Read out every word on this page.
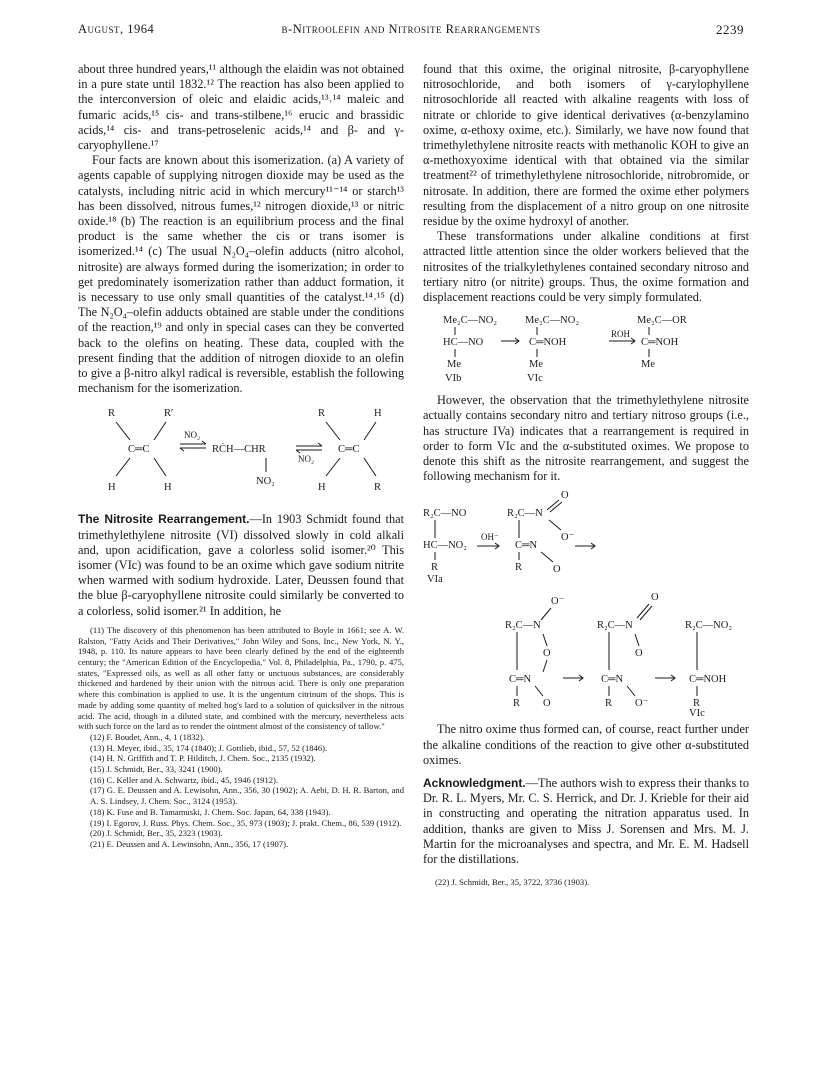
August, 1964	β-Nitroolefin and Nitrosite Rearrangements	2239

about three hundred years,¹¹ although the elaidin was not obtained in a pure state until 1832.¹² The reaction has also been applied to the interconversion of oleic and elaidic acids,¹³˒¹⁴ maleic and fumaric acids,¹⁵ cis- and trans-stilbene,¹⁶ erucic and brassidic acids,¹⁴ cis- and trans-petroselenic acids,¹⁴ and β- and γ-caryophyllene.¹⁷

Four facts are known about this isomerization. (a) A variety of agents capable of supplying nitrogen dioxide may be used as the catalysts, including nitric acid in which mercury¹¹⁻¹⁴ or starch¹³ has been dissolved, nitrous fumes,¹² nitrogen dioxide,¹³ or nitric oxide.¹⁸ (b) The reaction is an equilibrium process and the final product is the same whether the cis or trans isomer is isomerized.¹⁴ (c) The usual N₂O₄–olefin adducts (nitro alcohol, nitrosite) are always formed during the isomerization; in order to get predominately isomerization rather than adduct formation, it is necessary to use only small quantities of the catalyst.¹⁴˒¹⁵ (d) The N₂O₄–olefin adducts obtained are stable under the conditions of the reaction,¹⁹ and only in special cases can they be converted back to the olefins on heating. These data, coupled with the present finding that the addition of nitrogen dioxide to an olefin to give a β-nitro alkyl radical is reversible, establish the following mechanism for the isomerization.

R	R′
C═C
H	H
NO₂
RĊH—CHR
NO₂
NO₂
R	H
C═C
H	R

The Nitrosite Rearrangement.—In 1903 Schmidt found that trimethylethylene nitrosite (VI) dissolved slowly in cold alkali and, upon acidification, gave a colorless solid isomer.²⁰ This isomer (VIc) was found to be an oxime which gave sodium nitrite when warmed with sodium hydroxide. Later, Deussen found that the blue β-caryophyllene nitrosite could similarly be converted to a colorless, solid isomer.²¹ In addition, he

(11) The discovery of this phenomenon has been attributed to Boyle in 1661; see A. W. Ralston, "Fatty Acids and Their Derivatives," John Wiley and Sons, Inc., New York, N. Y., 1948, p. 110. Its nature appears to have been clearly defined by the end of the eighteenth century; the "American Edition of the Encyclopedia," Vol. 8, Philadelphia, Pa., 1790, p. 475, states, "Expressed oils, as well as all other fatty or unctuous substances, are considerably thickened and hardened by their union with the nitrous acid. There is only one preparation where this combination is applied to use. It is the ungentum citrinum of the shops. This is made by adding some quantity of melted hog's lard to a solution of quicksilver in the nitrous acid. The acid, though in a diluted state, and combined with the mercury, nevertheless acts with such force on the lard as to render the ointment almost of the consistency of tallow."

(12) F. Boudet, Ann., 4, 1 (1832).

(13) H. Meyer, ibid., 35, 174 (1840); J. Gottlieb, ibid., 57, 52 (1846).

(14) H. N. Griffith and T. P. Hilditch, J. Chem. Soc., 2135 (1932).

(15) J. Schmidt, Ber., 33, 3241 (1900).

(16) C. Keller and A. Schwartz, ibid., 45, 1946 (1912).

(17) G. E. Deussen and A. Lewisohn, Ann., 356, 30 (1902); A. Aebi, D. H. R. Barton, and A. S. Lindsey, J. Chem. Soc., 3124 (1953).

(18) K. Fuse and B. Tamamuski, J. Chem. Soc. Japan, 64, 338 (1943).

(19) I. Egorov, J. Russ. Phys. Chem. Soc., 35, 973 (1903); J. prakt. Chem., 86, 539 (1912).

(20) J. Schmidt, Ber., 35, 2323 (1903).

(21) E. Deussen and A. Lewinsohn, Ann., 356, 17 (1907).

found that this oxime, the original nitrosite, β-caryophyllene nitrosochloride, and both isomers of γ-carylophyllene nitrosochloride all reacted with alkaline reagents with loss of nitrate or chloride to give identical derivatives (α-benzylamino oxime, α-ethoxy oxime, etc.). Similarly, we have now found that trimethylethylene nitrosite reacts with methanolic KOH to give an α-methoxyoxime identical with that obtained via the similar treatment²² of trimethylethylene nitrosochloride, nitrobromide, or nitrosate. In addition, there are formed the oxime ether polymers resulting from the displacement of a nitro group on one nitrosite residue by the oxime hydroxyl of another.

These transformations under alkaline conditions at first attracted little attention since the older workers believed that the nitrosites of the trialkylethylenes contained secondary nitroso and tertiary nitro (or nitrite) groups. Thus, the oxime formation and displacement reactions could be very simply formulated.

Me₂C—NO₂
HC—NO
Me
VIb
Me₂C—NO₂
C═NOH
Me
VIc
ROH
Me₂C—OR
C═NOH
Me

However, the observation that the trimethylethylene nitrosite actually contains secondary nitro and tertiary nitroso groups (i.e., has structure IVa) indicates that a rearrangement is required in order to form VIc and the α-substituted oximes. We propose to denote this shift as the nitrosite rearrangement, and suggest the following mechanism for it.

R₂C—NO
HC—NO₂
R
VIa
OH⁻
R₂C—N
O
O⁻
C═N
R	O
O⁻
R₂C—N
O
C═N
R O
R₂C—N
O
O
C═N
R O⁻
R₂C—NO₂
C═NOH
R
VIc

The nitro oxime thus formed can, of course, react further under the alkaline conditions of the reaction to give other α-substituted oximes.

Acknowledgment.—The authors wish to express their thanks to Dr. R. L. Myers, Mr. C. S. Herrick, and Dr. J. Krieble for their aid in constructing and operating the nitration apparatus used. In addition, thanks are given to Miss J. Sorensen and Mrs. M. J. Martin for the microanalyses and spectra, and Mr. E. M. Hadsell for the distillations.

(22) J. Schmidt, Ber., 35, 3722, 3736 (1903).
